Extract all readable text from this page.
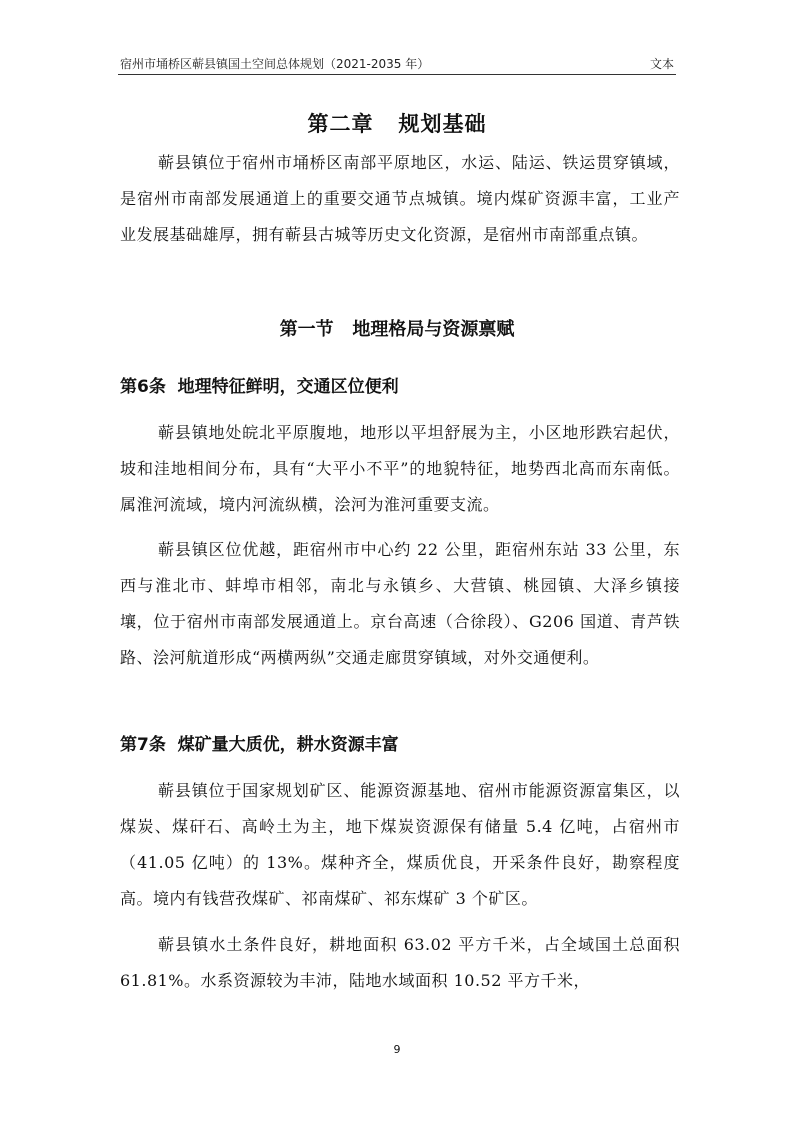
宿州市埇桥区蕲县镇国土空间总体规划（2021-2035 年）	文本
第二章   规划基础

蕲县镇位于宿州市埇桥区南部平原地区，水运、陆运、铁运贯穿镇域，是宿州市南部发展通道上的重要交通节点城镇。境内煤矿资源丰富，工业产业发展基础雄厚，拥有蕲县古城等历史文化资源，是宿州市南部重点镇。

第一节   地理格局与资源禀赋
第6条  地理特征鲜明，交通区位便利

蕲县镇地处皖北平原腹地，地形以平坦舒展为主，小区地形跌宕起伏，坡和洼地相间分布，具有“大平小不平”的地貌特征，地势西北高而东南低。属淮河流域，境内河流纵横，浍河为淮河重要支流。

蕲县镇区位优越，距宿州市中心约 22 公里，距宿州东站 33 公里，东西与淮北市、蚌埠市相邻，南北与永镇乡、大营镇、桃园镇、大泽乡镇接壤，位于宿州市南部发展通道上。京台高速（合徐段）、G206 国道、青芦铁路、浍河航道形成“两横两纵”交通走廊贯穿镇域，对外交通便利。

第7条  煤矿量大质优，耕水资源丰富

蕲县镇位于国家规划矿区、能源资源基地、宿州市能源资源富集区，以煤炭、煤矸石、高岭土为主，地下煤炭资源保有储量 5.4 亿吨，占宿州市（41.05 亿吨）的 13%。煤种齐全，煤质优良，开采条件良好，勘察程度高。境内有钱营孜煤矿、祁南煤矿、祁东煤矿 3 个矿区。

蕲县镇水土条件良好，耕地面积 63.02 平方千米，占全域国土总面积 61.81%。水系资源较为丰沛，陆地水域面积 10.52 平方千米，

9
